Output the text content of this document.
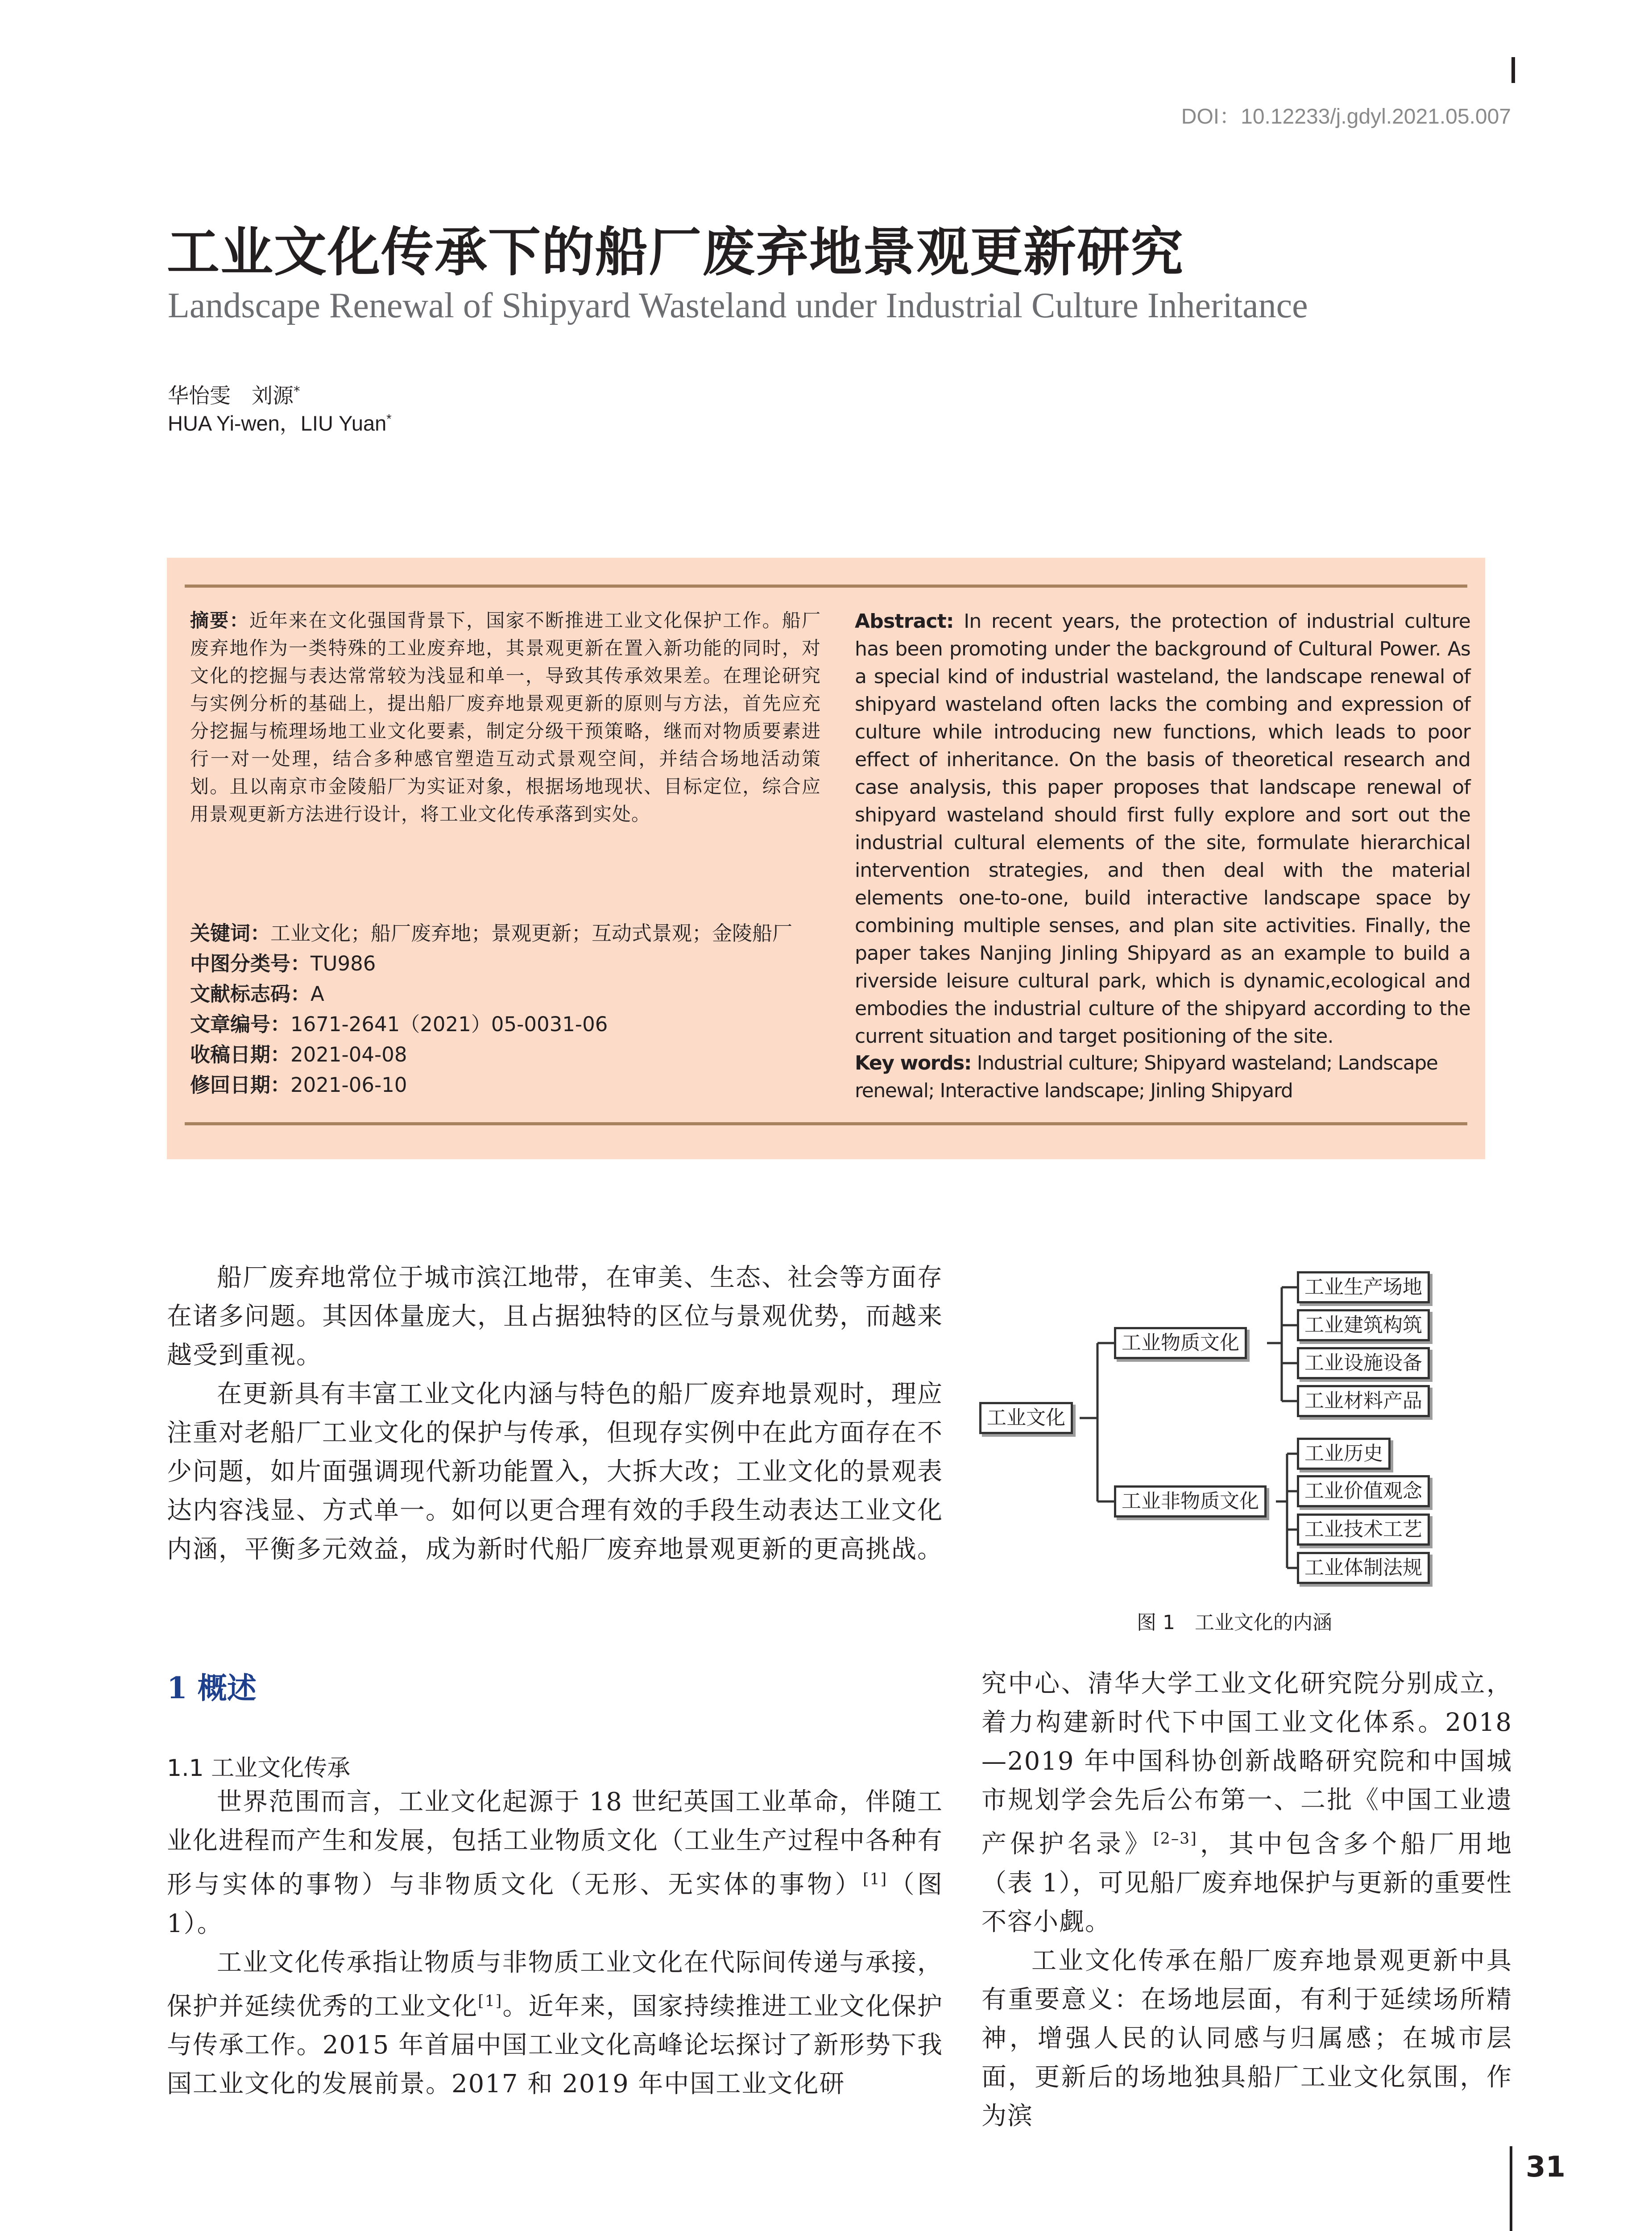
DOI：10.12233/j.gdyl.2021.05.007
工业文化传承下的船厂废弃地景观更新研究
Landscape Renewal of Shipyard Wasteland under Industrial Culture Inheritance
华怡雯　 刘源*
HUA Yi-wen，LIU Yuan*
摘要：近年来在文化强国背景下，国家不断推进工业文化保护工作。船厂废弃地作为一类特殊的工业废弃地，其景观更新在置入新功能的同时，对文化的挖掘与表达常常较为浅显和单一，导致其传承效果差。在理论研究与实例分析的基础上，提出船厂废弃地景观更新的原则与方法，首先应充分挖掘与梳理场地工业文化要素，制定分级干预策略，继而对物质要素进行一对一处理，结合多种感官塑造互动式景观空间，并结合场地活动策划。且以南京市金陵船厂为实证对象，根据场地现状、目标定位，综合应用景观更新方法进行设计，将工业文化传承落到实处。
关键词：工业文化；船厂废弃地；景观更新；互动式景观；金陵船厂
中图分类号：TU986
文献标志码：A
文章编号：1671-2641（2021）05-0031-06
收稿日期：2021-04-08
修回日期：2021-06-10
Abstract: In recent years, the protection of industrial culture has been promoting under the background of Cultural Power. As a special kind of industrial wasteland, the landscape renewal of shipyard wasteland often lacks the combing and expression of culture while introducing new functions, which leads to poor effect of inheritance. On the basis of theoretical research and case analysis, this paper proposes that landscape renewal of shipyard wasteland should first fully explore and sort out the industrial cultural elements of the site, formulate hierarchical intervention strategies, and then deal with the material elements one-to-one, build interactive landscape space by combining multiple senses, and plan site activities. Finally, the paper takes Nanjing Jinling Shipyard as an example to build a riverside leisure cultural park, which is dynamic,ecological and embodies the industrial culture of the shipyard according to the current situation and target positioning of the site.
Key words: Industrial culture; Shipyard wasteland; Landscape renewal; Interactive landscape; Jinling Shipyard

船厂废弃地常位于城市滨江地带，在审美、生态、社会等方面存在诸多问题。其因体量庞大，且占据独特的区位与景观优势，而越来越受到重视。

在更新具有丰富工业文化内涵与特色的船厂废弃地景观时，理应注重对老船厂工业文化的保护与传承，但现存实例中在此方面存在不少问题，如片面强调现代新功能置入，大拆大改；工业文化的景观表达内容浅显、方式单一。如何以更合理有效的手段生动表达工业文化内涵，平衡多元效益，成为新时代船厂废弃地景观更新的更高挑战。

工业文化
工业物质文化
工业非物质文化
工业生产场地
工业建筑构筑
工业设施设备
工业材料产品
工业历史
工业价值观念
工业技术工艺
工业体制法规
图 1　工业文化的内涵
1 概述
1.1 工业文化传承

世界范围而言，工业文化起源于 18 世纪英国工业革命，伴随工业化进程而产生和发展，包括工业物质文化（工业生产过程中各种有形与实体的事物）与非物质文化（无形、无实体的事物）[1]（图 1）。

工业文化传承指让物质与非物质工业文化在代际间传递与承接，保护并延续优秀的工业文化[1]。近年来，国家持续推进工业文化保护与传承工作。2015 年首届中国工业文化高峰论坛探讨了新形势下我国工业文化的发展前景。2017 和 2019 年中国工业文化研

究中心、清华大学工业文化研究院分别成立，着力构建新时代下中国工业文化体系。2018—2019 年中国科协创新战略研究院和中国城市规划学会先后公布第一、二批《中国工业遗产保护名录》[2–3]，其中包含多个船厂用地（表 1），可见船厂废弃地保护与更新的重要性不容小觑。

工业文化传承在船厂废弃地景观更新中具有重要意义：在场地层面，有利于延续场所精神，增强人民的认同感与归属感；在城市层面，更新后的场地独具船厂工业文化氛围，作为滨

31
